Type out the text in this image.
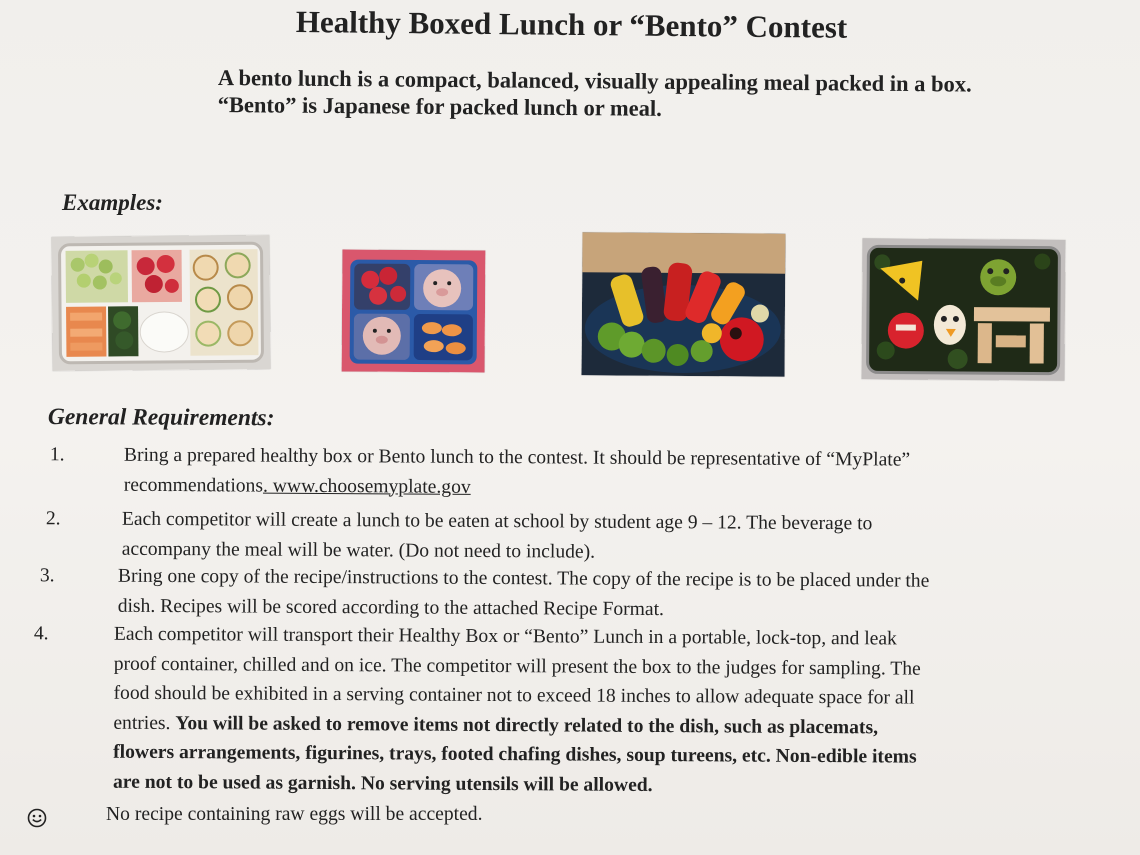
Healthy Boxed Lunch or “Bento” Contest
A bento lunch is a compact, balanced, visually appealing meal packed in a box.
“Bento” is Japanese for packed lunch or meal.
Examples:
General Requirements:
1.	Bring a prepared healthy box or Bento lunch to the contest. It should be representative of “MyPlate”
recommendations. www.choosemyplate.gov
2.	Each competitor will create a lunch to be eaten at school by student age 9 – 12. The beverage to
accompany the meal will be water. (Do not need to include).
3.	Bring one copy of the recipe/instructions to the contest. The copy of the recipe is to be placed under the
dish. Recipes will be scored according to the attached Recipe Format.
4.	Each competitor will transport their Healthy Box or “Bento” Lunch in a portable, lock-top, and leak
proof container, chilled and on ice. The competitor will present the box to the judges for sampling. The
food should be exhibited in a serving container not to exceed 18 inches to allow adequate space for all
entries. You will be asked to remove items not directly related to the dish, such as placemats,
flowers arrangements, figurines, trays, footed chafing dishes, soup tureens, etc. Non-edible items
are not to be used as garnish. No serving utensils will be allowed.
No recipe containing raw eggs will be accepted.
